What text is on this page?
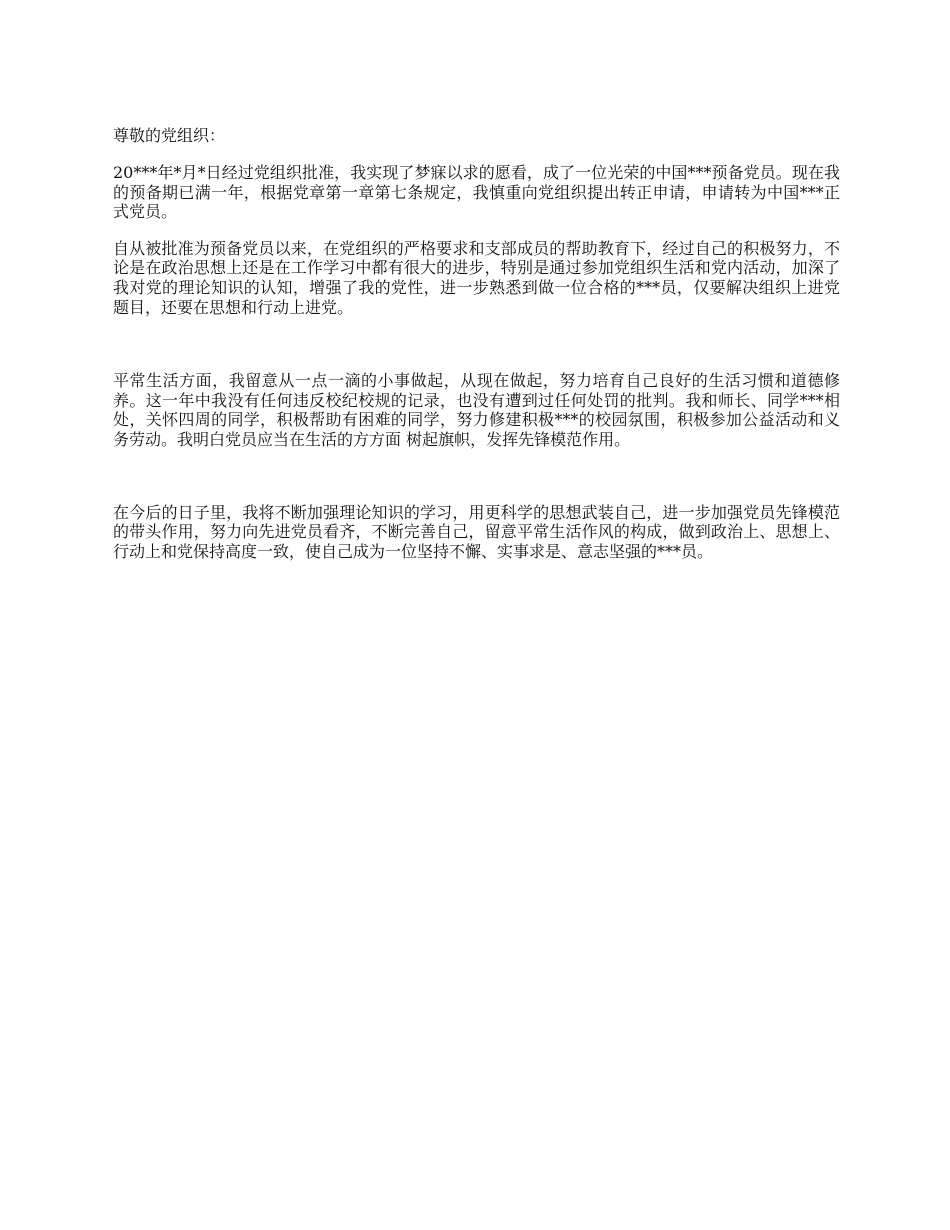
尊敬的党组织：

20***年*月*日经过党组织批准，我实现了梦寐以求的愿看，成了一位光荣的中国***预备党员。现在我的预备期已满一年，根据党章第一章第七条规定，我慎重向党组织提出转正申请，申请转为中国***正式党员。

自从被批准为预备党员以来，在党组织的严格要求和支部成员的帮助教育下，经过自己的积极努力，不论是在政治思想上还是在工作学习中都有很大的进步，特别是通过参加党组织生活和党内活动，加深了我对党的理论知识的认知，增强了我的党性，进一步熟悉到做一位合格的***员，仅要解决组织上进党题目，还要在思想和行动上进党。

平常生活方面，我留意从一点一滴的小事做起，从现在做起，努力培育自己良好的生活习惯和道德修养。这一年中我没有任何违反校纪校规的记录，也没有遭到过任何处罚的批判。我和师长、同学***相处，关怀四周的同学，积极帮助有困难的同学，努力修建积极***的校园氛围，积极参加公益活动和义务劳动。我明白党员应当在生活的方方面 树起旗帜，发挥先锋模范作用。

在今后的日子里，我将不断加强理论知识的学习，用更科学的思想武装自己，进一步加强党员先锋模范的带头作用，努力向先进党员看齐，不断完善自己，留意平常生活作风的构成，做到政治上、思想上、行动上和党保持高度一致，使自己成为一位坚持不懈、实事求是、意志坚强的***员。
